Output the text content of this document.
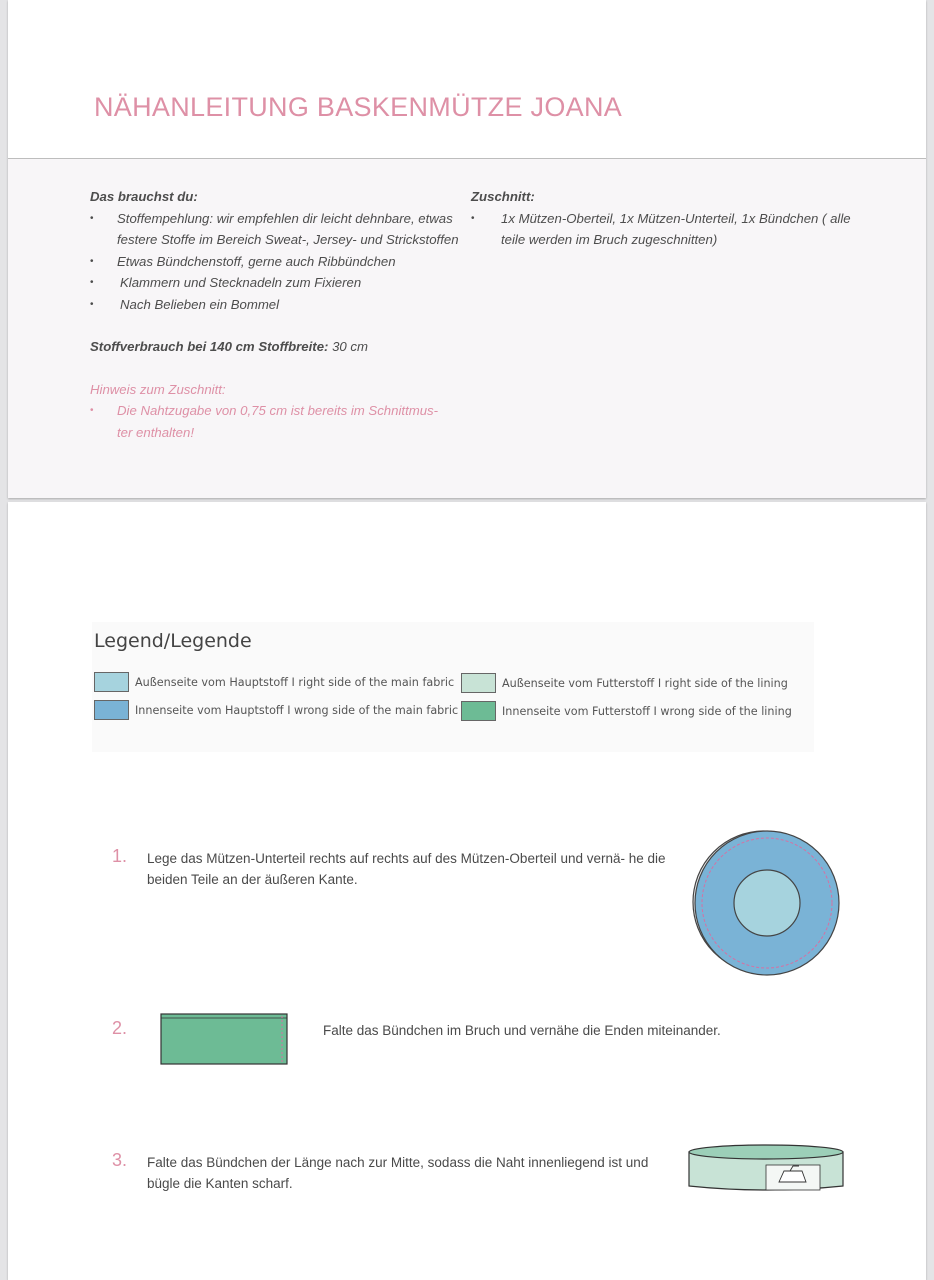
NÄHANLEITUNG BASKENMÜTZE JOANA
Das brauchst du:
• Stoffempehlung: wir empfehlen dir leicht dehnbare, etwas festere Stoffe im Bereich Sweat-, Jersey- und Strickstoffen
• Etwas Bündchenstoff, gerne auch Ribbündchen
• Klammern und Stecknadeln zum Fixieren
• Nach Belieben ein Bommel
Stoffverbrauch bei 140 cm Stoffbreite: 30 cm
Hinweis zum Zuschnitt:
• Die Nahtzugabe von 0,75 cm ist bereits im Schnittmus- ter enthalten!
Zuschnitt:
• 1x Mützen-Oberteil, 1x Mützen-Unterteil, 1x Bündchen ( alle teile werden im Bruch zugeschnitten)
Legend/Legende
Außenseite vom Hauptstoff I right side of the main fabric
Innenseite vom Hauptstoff I wrong side of the main fabric
Außenseite vom Futterstoff I right side of the lining
Innenseite vom Futterstoff I wrong side of the lining
1. Lege das Mützen-Unterteil rechts auf rechts auf des Mützen-Oberteil und vernä- he die beiden Teile an der äußeren Kante.
2.	Falte das Bündchen im Bruch und vernähe die Enden miteinander.
3. Falte das Bündchen der Länge nach zur Mitte, sodass die Naht innenliegend ist und bügle die Kanten scharf.
